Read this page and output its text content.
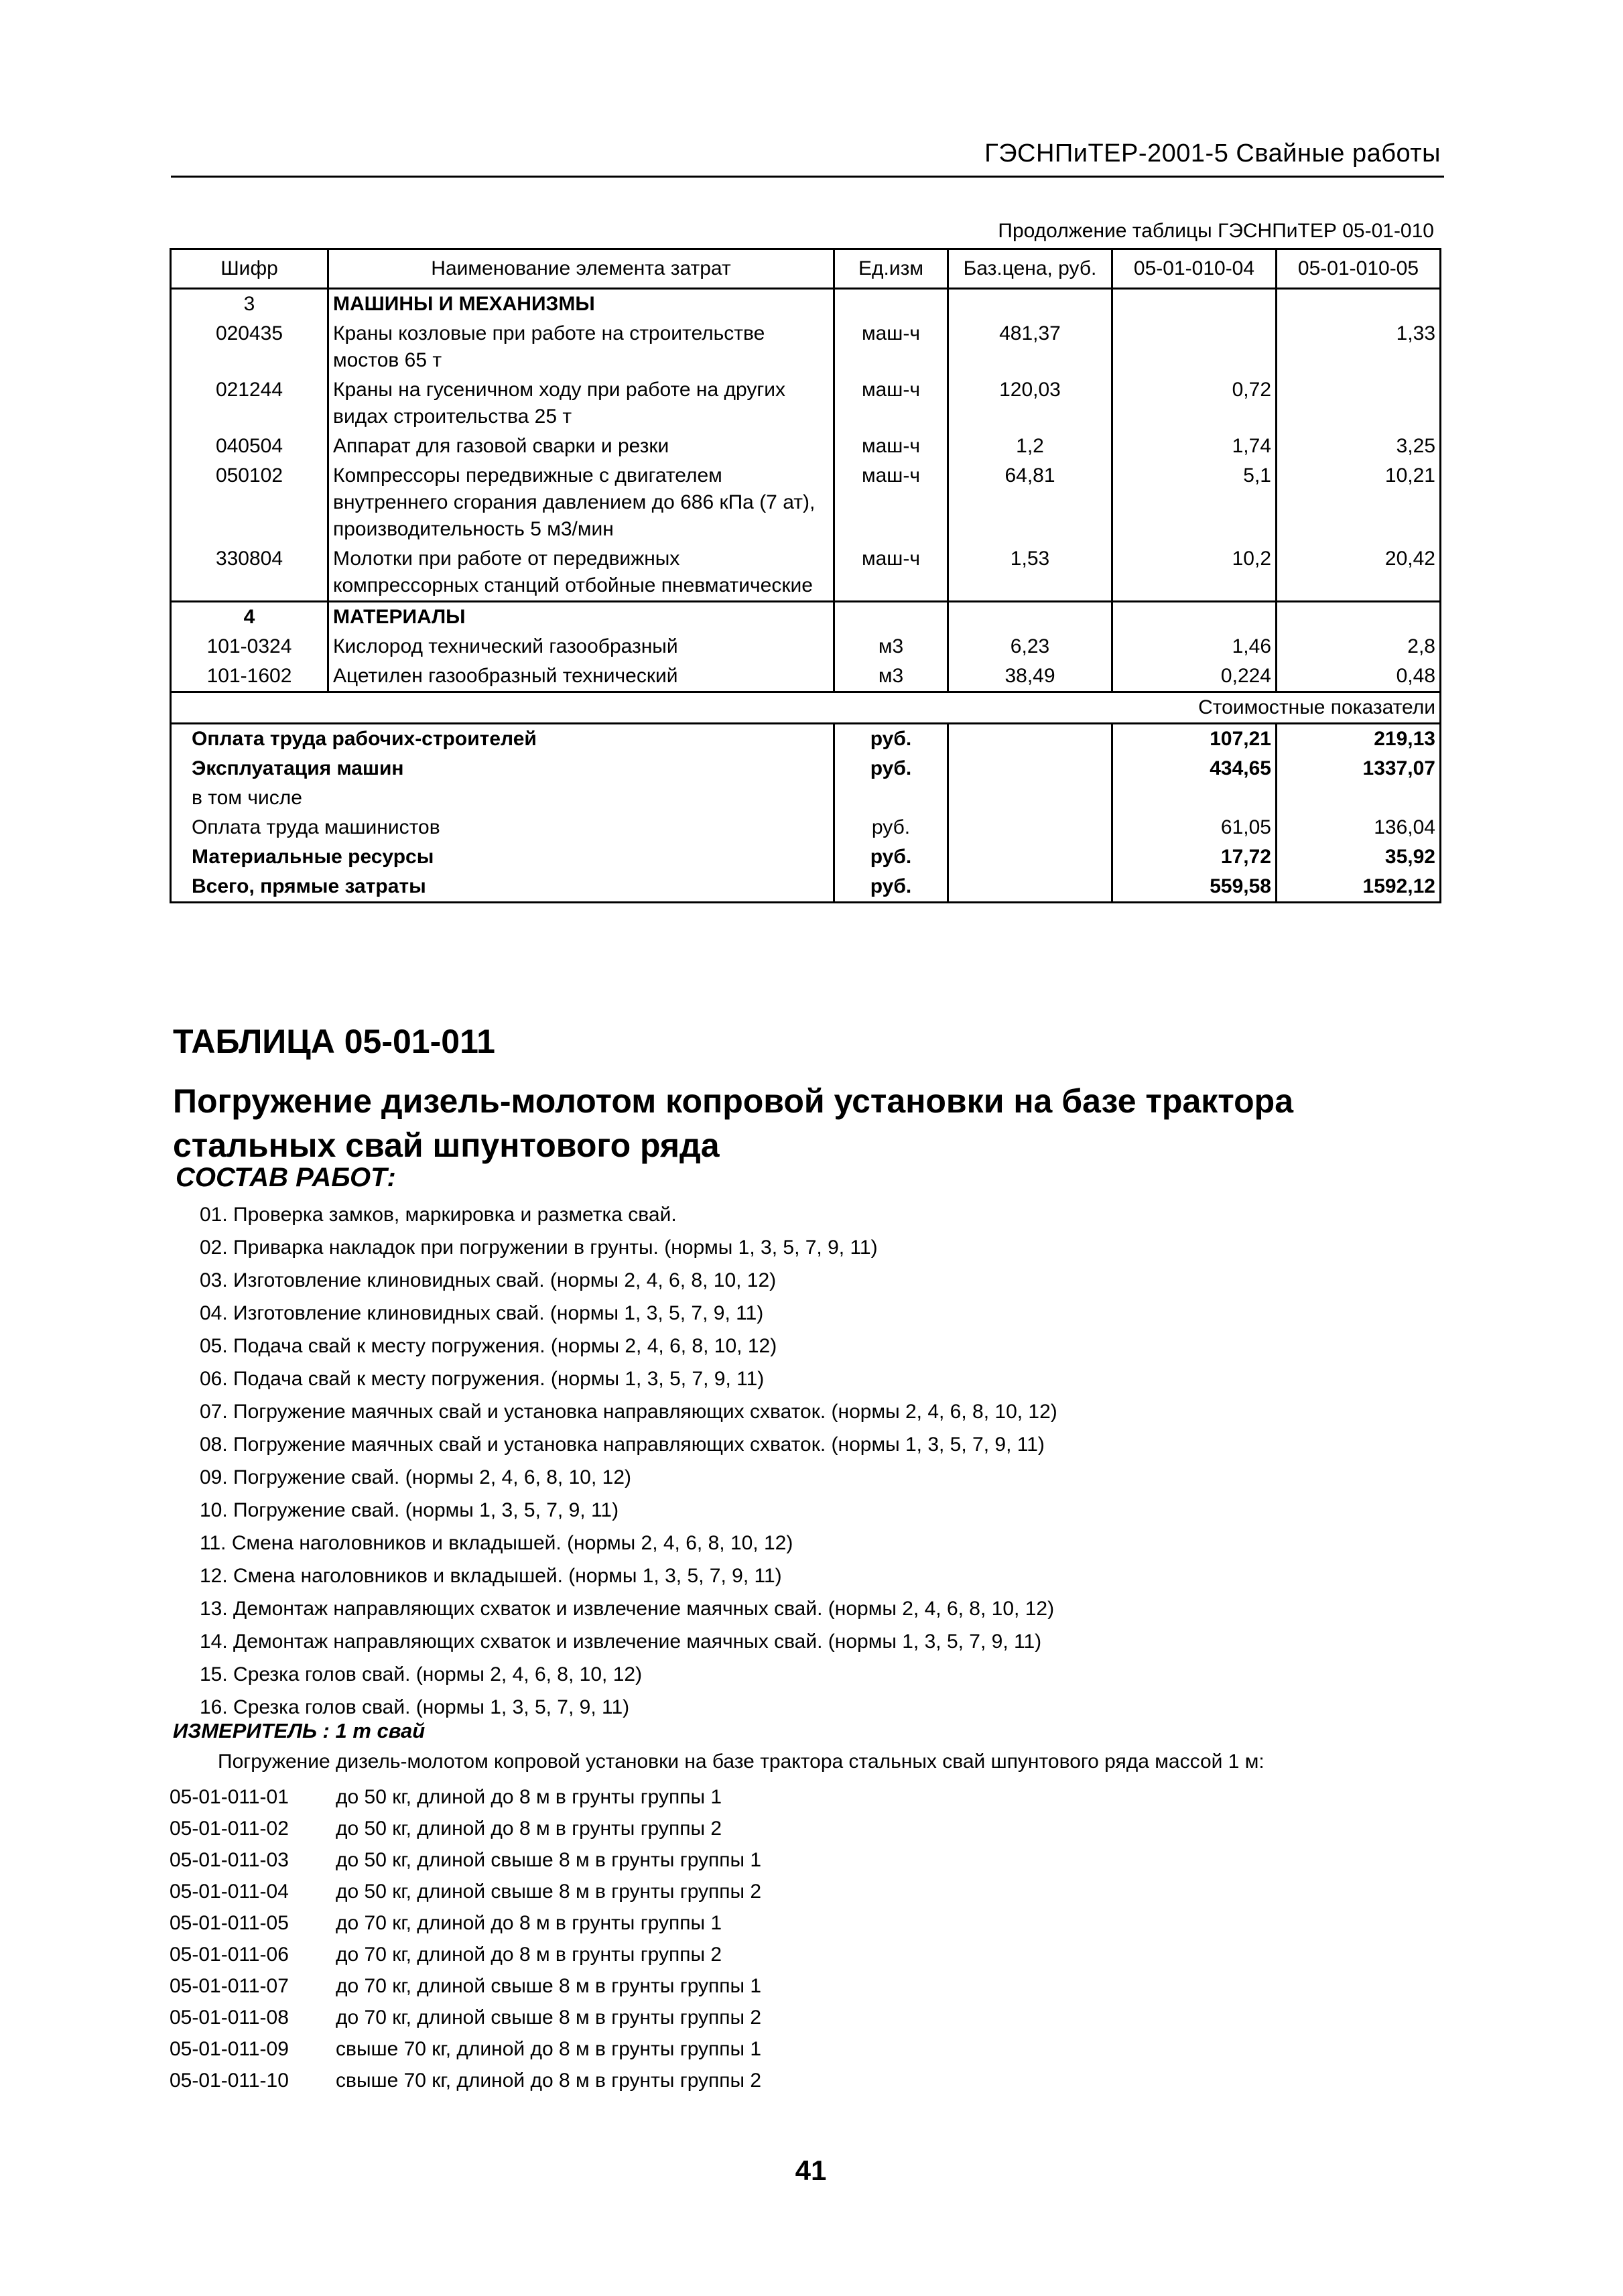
ГЭСНПиТЕР-2001-5 Свайные работы
Продолжение таблицы ГЭСНПиТЕР 05-01-010
Шифр	Наименование элемента затрат	Ед.изм	Баз.цена, руб.	05-01-010-04	05-01-010-05
3	МАШИНЫ И МЕХАНИЗМЫ				
020435	Краны козловые при работе на строительстве мостов 65 т	маш-ч	481,37		1,33
021244	Краны на гусеничном ходу при работе на других видах строительства 25 т	маш-ч	120,03	0,72	
040504	Аппарат для газовой сварки и резки	маш-ч	1,2	1,74	3,25
050102	Компрессоры передвижные с двигателем внутреннего сгорания давлением до 686 кПа (7 ат), производительность 5 м3/мин	маш-ч	64,81	5,1	10,21
330804	Молотки при работе от передвижных компрессорных станций отбойные пневматические	маш-ч	1,53	10,2	20,42
4	МАТЕРИАЛЫ				
101-0324	Кислород технический газообразный	м3	6,23	1,46	2,8
101-1602	Ацетилен газообразный технический	м3	38,49	0,224	0,48
Стоимостные показатели					
Оплата труда рабочих-строителей		руб.		107,21	219,13
Эксплуатация машин		руб.		434,65	1337,07
в том числе					
Оплата труда машинистов		руб.		61,05	136,04
Материальные ресурсы		руб.		17,72	35,92
Всего, прямые затраты		руб.		559,58	1592,12
ТАБЛИЦА 05-01-011
Погружение дизель-молотом копровой установки на базе трактора стальных свай шпунтового ряда
СОСТАВ РАБОТ:
01. Проверка замков, маркировка и разметка свай.
02. Приварка накладок при погружении в грунты. (нормы 1, 3, 5, 7, 9, 11)
03. Изготовление клиновидных свай. (нормы 2, 4, 6, 8, 10, 12)
04. Изготовление клиновидных свай. (нормы 1, 3, 5, 7, 9, 11)
05. Подача свай к месту погружения. (нормы 2, 4, 6, 8, 10, 12)
06. Подача свай к месту погружения. (нормы 1, 3, 5, 7, 9, 11)
07. Погружение маячных свай и установка направляющих схваток. (нормы 2, 4, 6, 8, 10, 12)
08. Погружение маячных свай и установка направляющих схваток. (нормы 1, 3, 5, 7, 9, 11)
09. Погружение свай. (нормы 2, 4, 6, 8, 10, 12)
10. Погружение свай. (нормы 1, 3, 5, 7, 9, 11)
11. Смена наголовников и вкладышей. (нормы 2, 4, 6, 8, 10, 12)
12. Смена наголовников и вкладышей. (нормы 1, 3, 5, 7, 9, 11)
13. Демонтаж направляющих схваток и извлечение маячных свай. (нормы 2, 4, 6, 8, 10, 12)
14. Демонтаж направляющих схваток и извлечение маячных свай. (нормы 1, 3, 5, 7, 9, 11)
15. Срезка голов свай. (нормы 2, 4, 6, 8, 10, 12)
16. Срезка голов свай. (нормы 1, 3, 5, 7, 9, 11)
ИЗМЕРИТЕЛЬ : 1 т свай
Погружение дизель-молотом копровой установки на базе трактора стальных свай шпунтового ряда массой 1 м:
05-01-011-01	до 50 кг, длиной до 8 м в грунты группы 1
05-01-011-02	до 50 кг, длиной до 8 м в грунты группы 2
05-01-011-03	до 50 кг, длиной свыше 8 м в грунты группы 1
05-01-011-04	до 50 кг, длиной свыше 8 м в грунты группы 2
05-01-011-05	до 70 кг, длиной до 8 м в грунты группы 1
05-01-011-06	до 70 кг, длиной до 8 м в грунты группы 2
05-01-011-07	до 70 кг, длиной свыше 8 м в грунты группы 1
05-01-011-08	до 70 кг, длиной свыше 8 м в грунты группы 2
05-01-011-09	свыше 70 кг, длиной до 8 м в грунты группы 1
05-01-011-10	свыше 70 кг, длиной до 8 м в грунты группы 2
41
